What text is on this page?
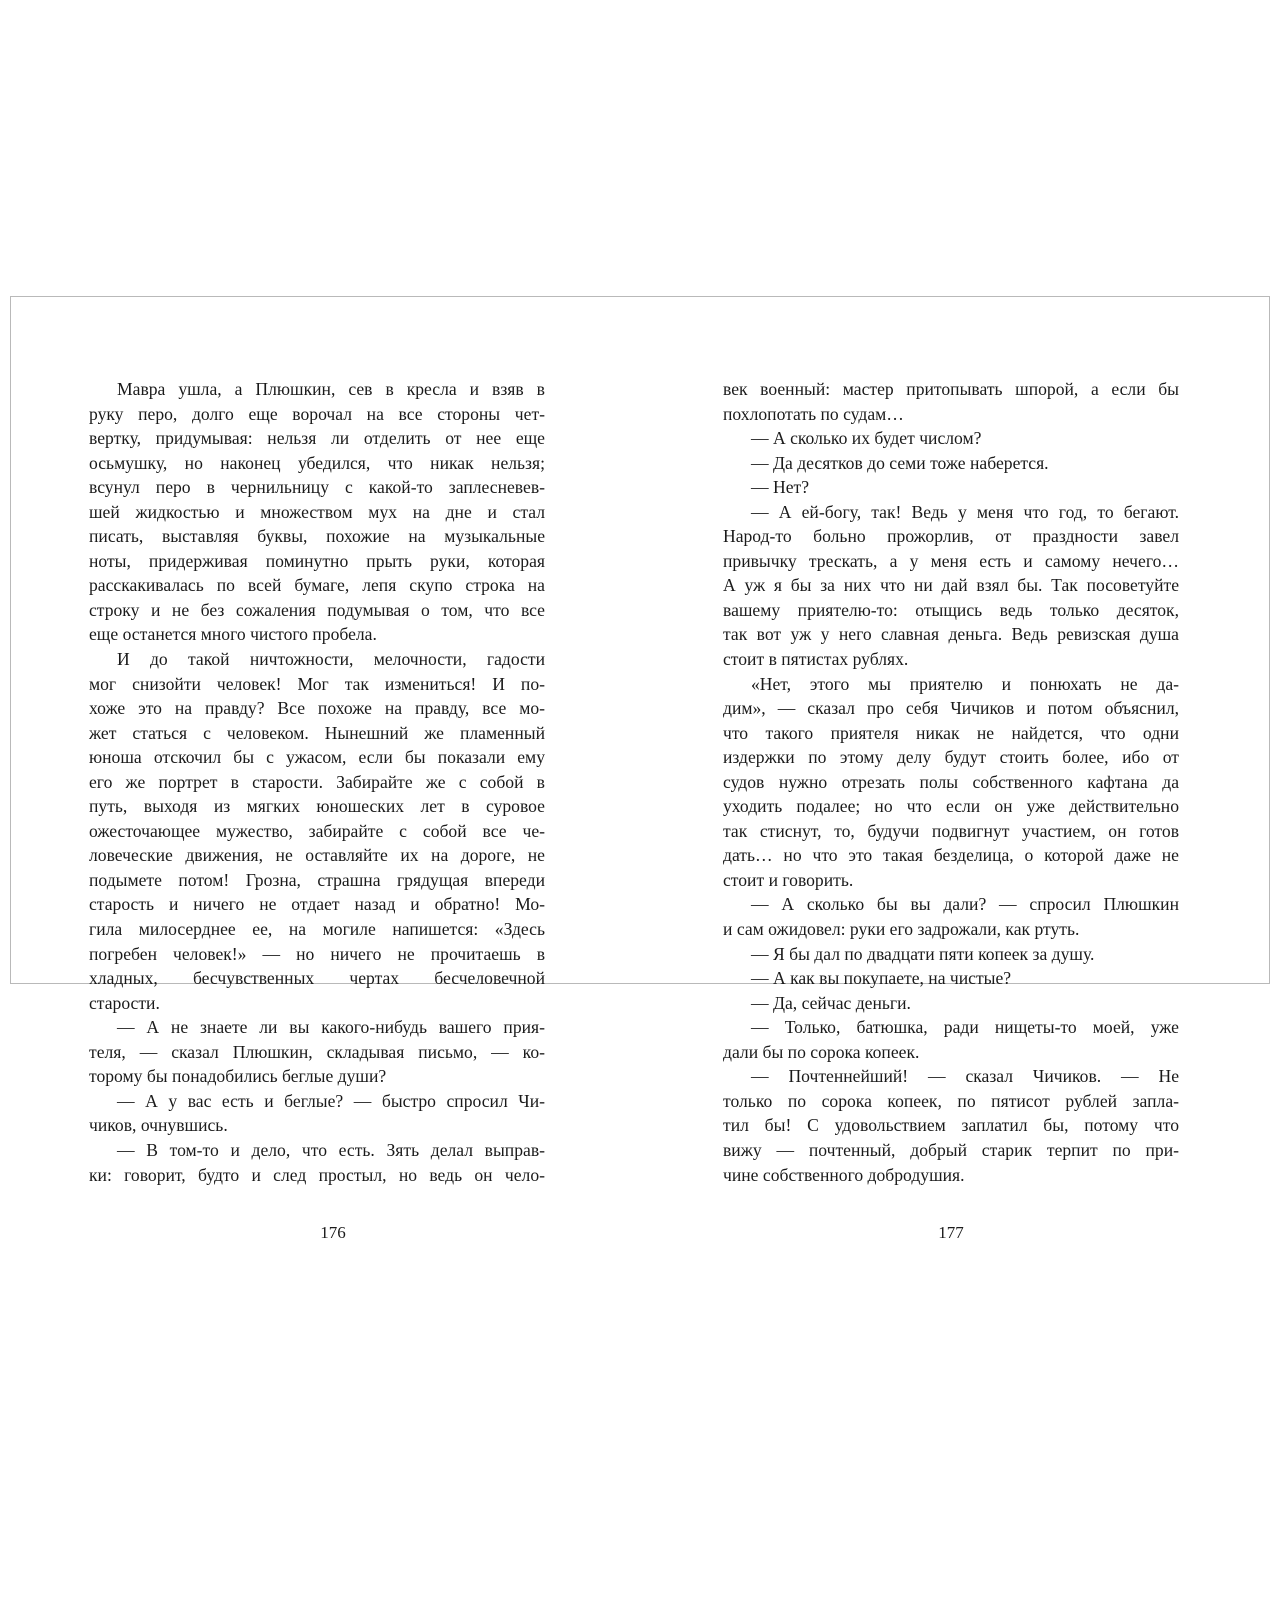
Мавра ушла, а Плюшкин, сев в кресла и взяв в
руку перо, долго еще ворочал на все стороны чет-
вертку, придумывая: нельзя ли отделить от нее еще
осьмушку, но наконец убедился, что никак нельзя;
всунул перо в чернильницу с какой-то заплесневев-
шей жидкостью и множеством мух на дне и стал
писать, выставляя буквы, похожие на музыкальные
ноты, придерживая поминутно прыть руки, которая
расскакивалась по всей бумаге, лепя скупо строка на
строку и не без сожаления подумывая о том, что все
еще останется много чистого пробела.
И до такой ничтожности, мелочности, гадости
мог снизойти человек! Мог так измениться! И по-
хоже это на правду? Все похоже на правду, все мо-
жет статься с человеком. Нынешний же пламенный
юноша отскочил бы с ужасом, если бы показали ему
его же портрет в старости. Забирайте же с собой в
путь, выходя из мягких юношеских лет в суровое
ожесточающее мужество, забирайте с собой все че-
ловеческие движения, не оставляйте их на дороге, не
подымете потом! Грозна, страшна грядущая впереди
старость и ничего не отдает назад и обратно! Мо-
гила милосерднее ее, на могиле напишется: «Здесь
погребен человек!» — но ничего не прочитаешь в
хладных, бесчувственных чертах бесчеловечной
старости.
— А не знаете ли вы какого-нибудь вашего прия-
теля, — сказал Плюшкин, складывая письмо, — ко-
торому бы понадобились беглые души?
— А у вас есть и беглые? — быстро спросил Чи-
чиков, очнувшись.
— В том-то и дело, что есть. Зять делал выправ-
ки: говорит, будто и след простыл, но ведь он чело-
век военный: мастер притопывать шпорой, а если бы
похлопотать по судам…
— А сколько их будет числом?
— Да десятков до семи тоже наберется.
— Нет?
— А ей-богу, так! Ведь у меня что год, то бегают.
Народ-то больно прожорлив, от праздности завел
привычку трескать, а у меня есть и самому нечего…
А уж я бы за них что ни дай взял бы. Так посоветуйте
вашему приятелю-то: отыщись ведь только десяток,
так вот уж у него славная деньга. Ведь ревизская душа
стоит в пятистах рублях.
«Нет, этого мы приятелю и понюхать не да-
дим», — сказал про себя Чичиков и потом объяснил,
что такого приятеля никак не найдется, что одни
издержки по этому делу будут стоить более, ибо от
судов нужно отрезать полы собственного кафтана да
уходить подалее; но что если он уже действительно
так стиснут, то, будучи подвигнут участием, он готов
дать… но что это такая безделица, о которой даже не
стоит и говорить.
— А сколько бы вы дали? — спросил Плюшкин
и сам ожидовел: руки его задрожали, как ртуть.
— Я бы дал по двадцати пяти копеек за душу.
— А как вы покупаете, на чистые?
— Да, сейчас деньги.
— Только, батюшка, ради нищеты-то моей, уже
дали бы по сорока копеек.
— Почтеннейший! — сказал Чичиков. — Не
только по сорока копеек, по пятисот рублей запла-
тил бы! С удовольствием заплатил бы, потому что
вижу — почтенный, добрый старик терпит по при-
чине собственного добродушия.
176	177
